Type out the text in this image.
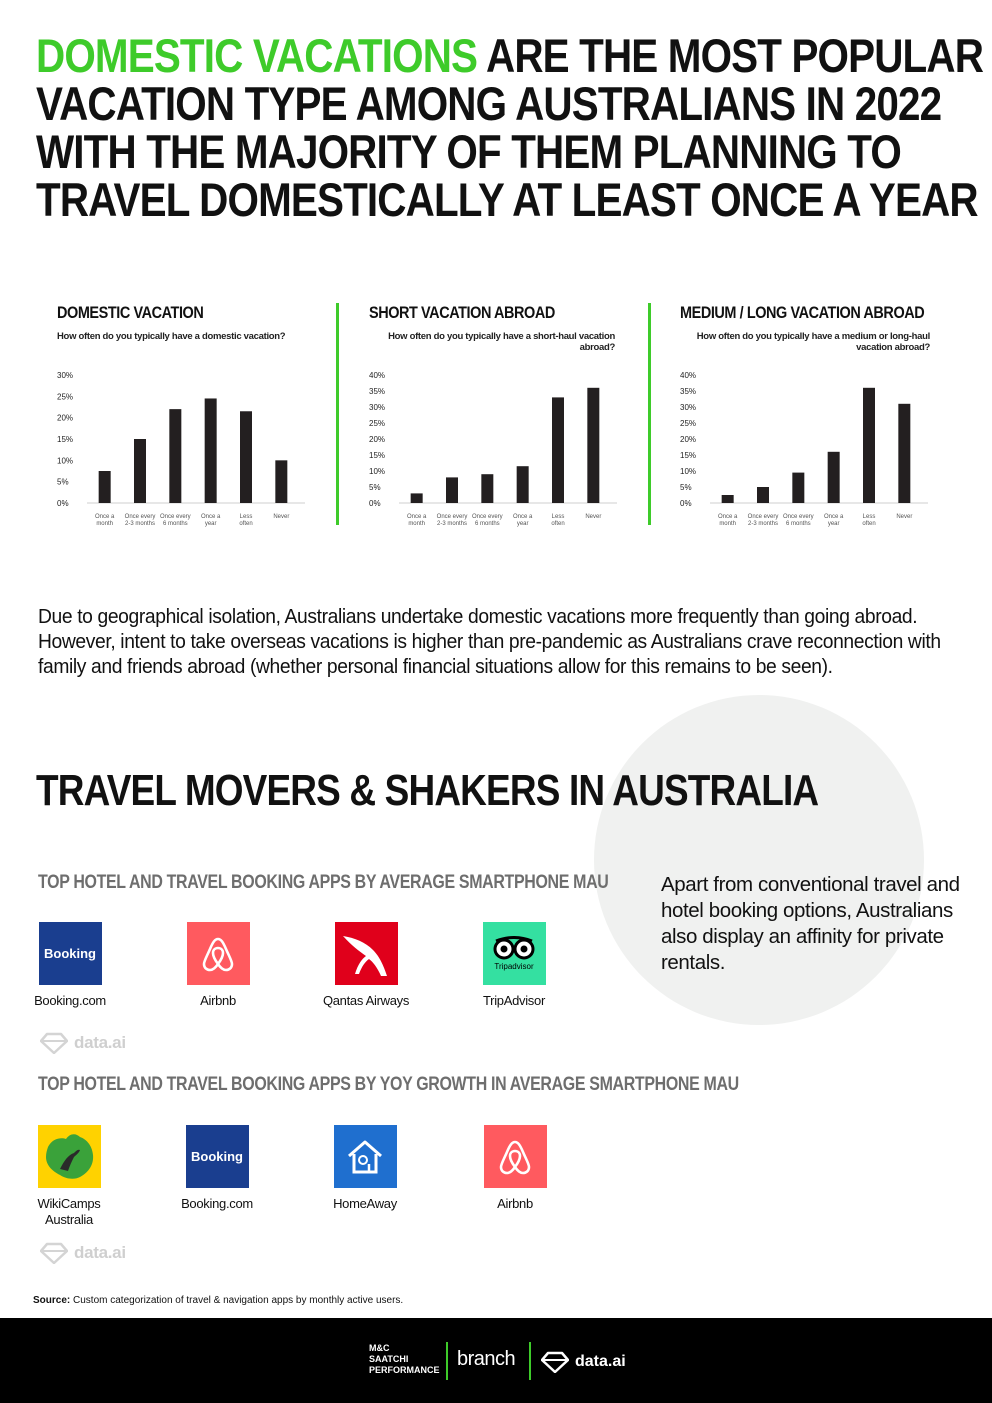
DOMESTIC VACATIONS ARE THE MOST POPULAR
VACATION TYPE AMONG AUSTRALIANS IN 2022
WITH THE MAJORITY OF THEM PLANNING TO
TRAVEL DOMESTICALLY AT LEAST ONCE A YEAR
DOMESTIC VACATION
How often do you typically have a domestic vacation?
0%
5%
10%
15%
20%
25%
30%
Once a
month
Once every
2-3 months
Once every
6 months
Once a
year
Less
often
Never
SHORT VACATION ABROAD
How often do you typically have a short-haul vacation abroad?
0%
5%
10%
15%
20%
25%
30%
35%
40%
Once a
month
Once every
2-3 months
Once every
6 months
Once a
year
Less
often
Never
MEDIUM / LONG VACATION ABROAD
How often do you typically have a medium or long-haul vacation abroad?
0%
5%
10%
15%
20%
25%
30%
35%
40%
Once a
month
Once every
2-3 months
Once every
6 months
Once a
year
Less
often
Never

Due to geographical isolation, Australians undertake domestic vacations more frequently than going abroad. However, intent to take overseas vacations is higher than pre-pandemic as Australians crave reconnection with family and friends abroad (whether personal financial situations allow for this remains to be seen).

TRAVEL MOVERS & SHAKERS IN AUSTRALIA
TOP HOTEL AND TRAVEL BOOKING APPS BY AVERAGE SMARTPHONE MAU	Apart from conventional travel and hotel booking options, Australians also display an affinity for private rentals.
Booking
Booking.com	Airbnb	Qantas Airways
Tripadvisor
TripAdvisor
data.ai
TOP HOTEL AND TRAVEL BOOKING APPS BY YOY GROWTH IN AVERAGE SMARTPHONE MAU
WikiCamps
Australia
Booking
Booking.com	HomeAway	Airbnb
data.ai
Source: Custom categorization of travel & navigation apps by monthly active users.
M&C
SAATCHI
PERFORMANCE branch	data.ai
